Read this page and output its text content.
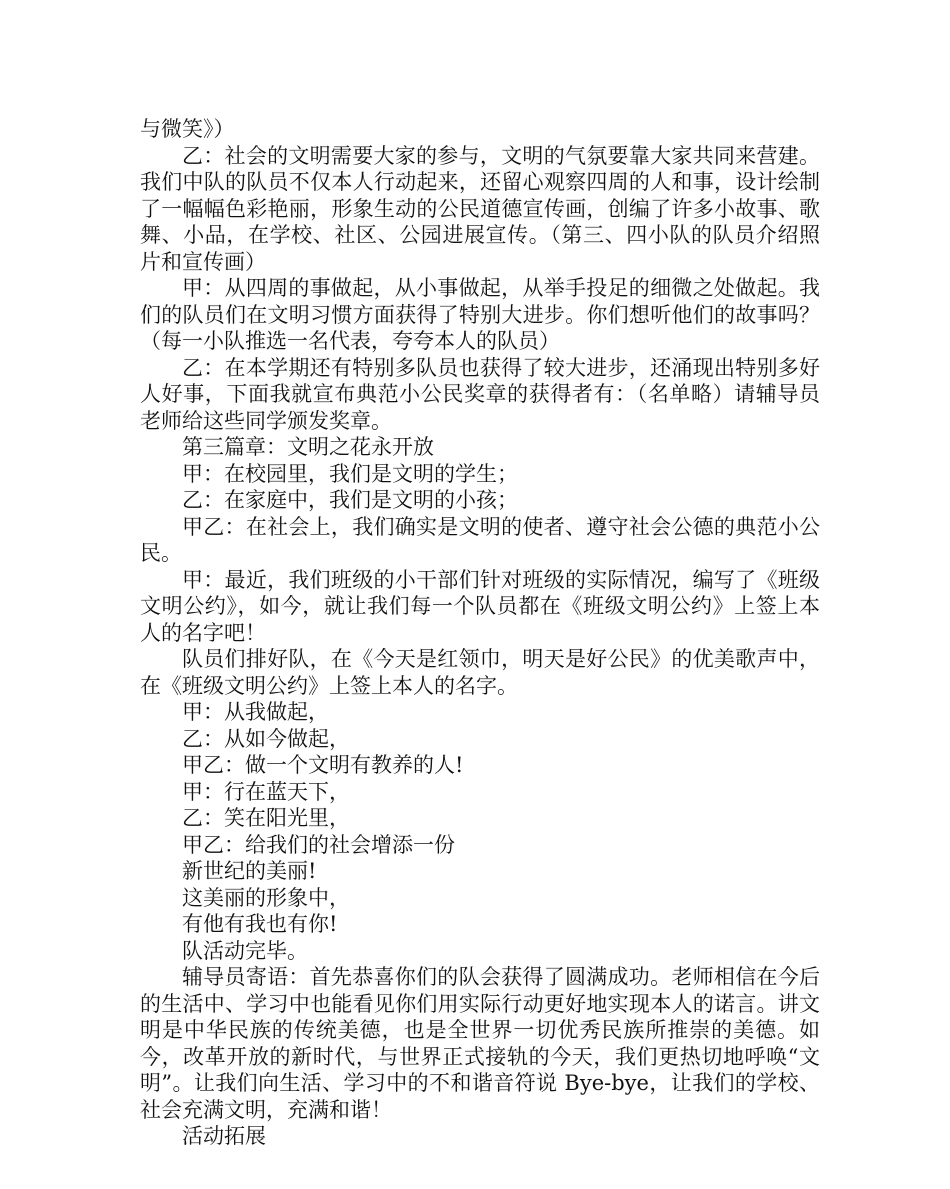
与微笑》）

乙：社会的文明需要大家的参与，文明的气氛要靠大家共同来营建。我们中队的队员不仅本人行动起来，还留心观察四周的人和事，设计绘制了一幅幅色彩艳丽，形象生动的公民道德宣传画，创编了许多小故事、歌舞、小品，在学校、社区、公园进展宣传。（第三、四小队的队员介绍照片和宣传画）

甲：从四周的事做起，从小事做起，从举手投足的细微之处做起。我们的队员们在文明习惯方面获得了特别大进步。你们想听他们的故事吗？（每一小队推选一名代表，夸夸本人的队员）

乙：在本学期还有特别多队员也获得了较大进步，还涌现出特别多好人好事，下面我就宣布典范小公民奖章的获得者有：（名单略）请辅导员老师给这些同学颁发奖章。

第三篇章：文明之花永开放

甲：在校园里，我们是文明的学生；

乙：在家庭中，我们是文明的小孩；

甲乙：在社会上，我们确实是文明的使者、遵守社会公德的典范小公民。

甲：最近，我们班级的小干部们针对班级的实际情况，编写了《班级文明公约》，如今，就让我们每一个队员都在《班级文明公约》上签上本人的名字吧！

队员们排好队，在《今天是红领巾，明天是好公民》的优美歌声中，在《班级文明公约》上签上本人的名字。

甲：从我做起，

乙：从如今做起，

甲乙：做一个文明有教养的人!

甲：行在蓝天下，

乙：笑在阳光里，

甲乙：给我们的社会增添一份

新世纪的美丽!

这美丽的形象中，

有他有我也有你!

队活动完毕。

辅导员寄语：首先恭喜你们的队会获得了圆满成功。老师相信在今后的生活中、学习中也能看见你们用实际行动更好地实现本人的诺言。讲文明是中华民族的传统美德，也是全世界一切优秀民族所推崇的美德。如今，改革开放的新时代，与世界正式接轨的今天，我们更热切地呼唤“文明”。让我们向生活、学习中的不和谐音符说 Bye-bye，让我们的学校、社会充满文明，充满和谐！

活动拓展
